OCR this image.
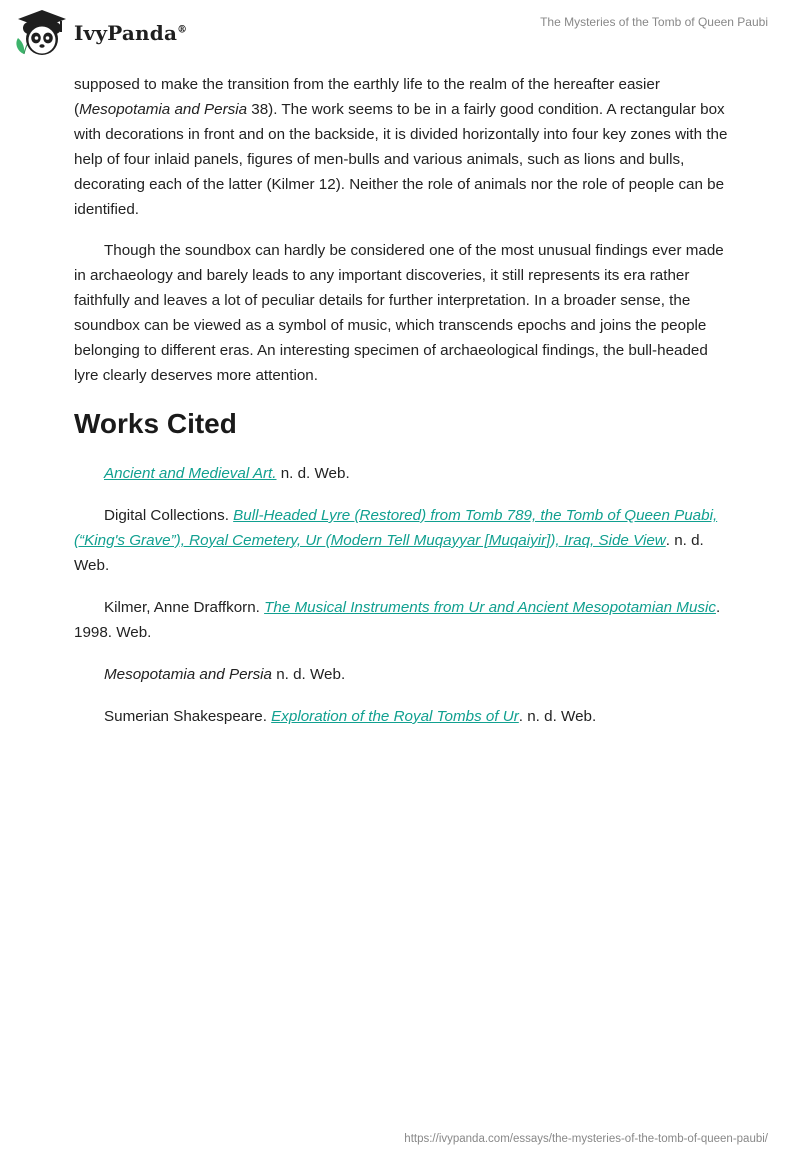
IvyPanda®
The Mysteries of the Tomb of Queen Paubi

supposed to make the transition from the earthly life to the realm of the hereafter easier (Mesopotamia and Persia 38). The work seems to be in a fairly good condition. A rectangular box with decorations in front and on the backside, it is divided horizontally into four key zones with the help of four inlaid panels, figures of men-bulls and various animals, such as lions and bulls, decorating each of the latter (Kilmer 12). Neither the role of animals nor the role of people can be identified.

Though the soundbox can hardly be considered one of the most unusual findings ever made in archaeology and barely leads to any important discoveries, it still represents its era rather faithfully and leaves a lot of peculiar details for further interpretation. In a broader sense, the soundbox can be viewed as a symbol of music, which transcends epochs and joins the people belonging to different eras. An interesting specimen of archaeological findings, the bull-headed lyre clearly deserves more attention.

Works Cited

Ancient and Medieval Art. n. d. Web.

Digital Collections. Bull-Headed Lyre (Restored) from Tomb 789, the Tomb of Queen Puabi, (“King's Grave”), Royal Cemetery, Ur (Modern Tell Muqayyar [Muqaiyir]), Iraq, Side View. n. d. Web.

Kilmer, Anne Draffkorn. The Musical Instruments from Ur and Ancient Mesopotamian Music. 1998. Web.

Mesopotamia and Persia n. d. Web.

Sumerian Shakespeare. Exploration of the Royal Tombs of Ur. n. d. Web.

https://ivypanda.com/essays/the-mysteries-of-the-tomb-of-queen-paubi/
